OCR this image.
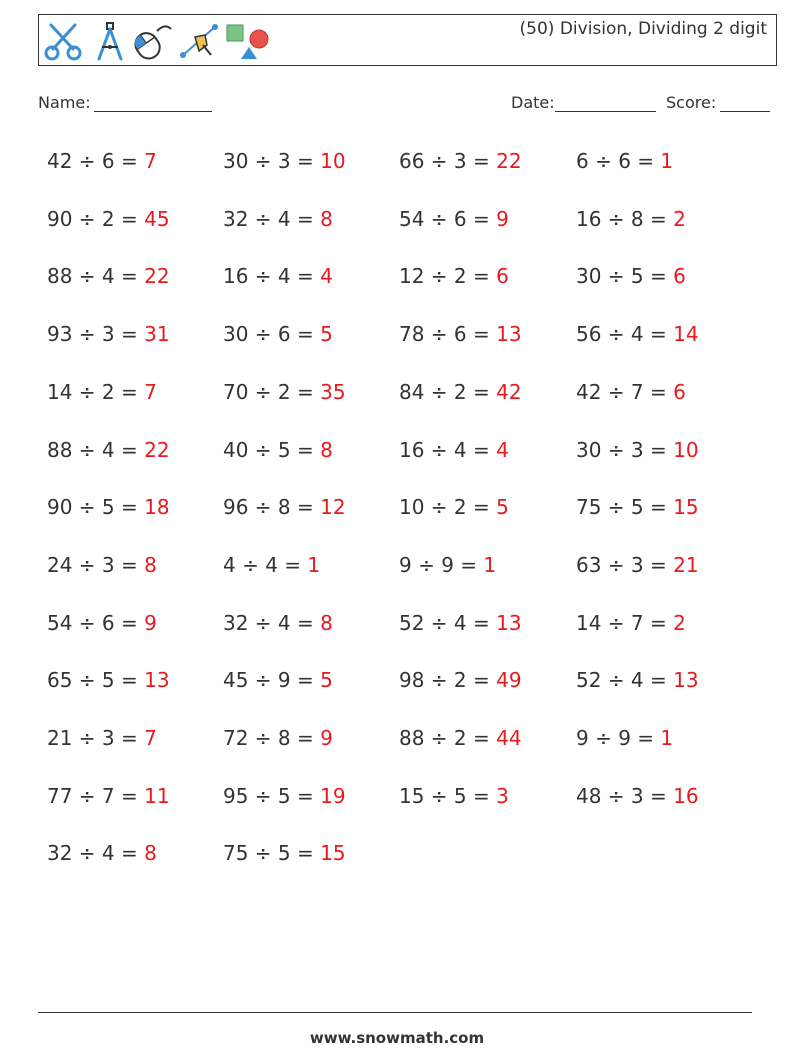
(50) Division, Dividing 2 digit
Name:	Date:	Score:
42 ÷ 6 = 7	30 ÷ 3 = 10	66 ÷ 3 = 22	6 ÷ 6 = 1
90 ÷ 2 = 45	32 ÷ 4 = 8	54 ÷ 6 = 9	16 ÷ 8 = 2
88 ÷ 4 = 22	16 ÷ 4 = 4	12 ÷ 2 = 6	30 ÷ 5 = 6
93 ÷ 3 = 31	30 ÷ 6 = 5	78 ÷ 6 = 13	56 ÷ 4 = 14
14 ÷ 2 = 7	70 ÷ 2 = 35	84 ÷ 2 = 42	42 ÷ 7 = 6
88 ÷ 4 = 22	40 ÷ 5 = 8	16 ÷ 4 = 4	30 ÷ 3 = 10
90 ÷ 5 = 18	96 ÷ 8 = 12	10 ÷ 2 = 5	75 ÷ 5 = 15
24 ÷ 3 = 8	4 ÷ 4 = 1	9 ÷ 9 = 1	63 ÷ 3 = 21
54 ÷ 6 = 9	32 ÷ 4 = 8	52 ÷ 4 = 13	14 ÷ 7 = 2
65 ÷ 5 = 13	45 ÷ 9 = 5	98 ÷ 2 = 49	52 ÷ 4 = 13
21 ÷ 3 = 7	72 ÷ 8 = 9	88 ÷ 2 = 44	9 ÷ 9 = 1
77 ÷ 7 = 11	95 ÷ 5 = 19	15 ÷ 5 = 3	48 ÷ 3 = 16
32 ÷ 4 = 8	75 ÷ 5 = 15
www.snowmath.com
